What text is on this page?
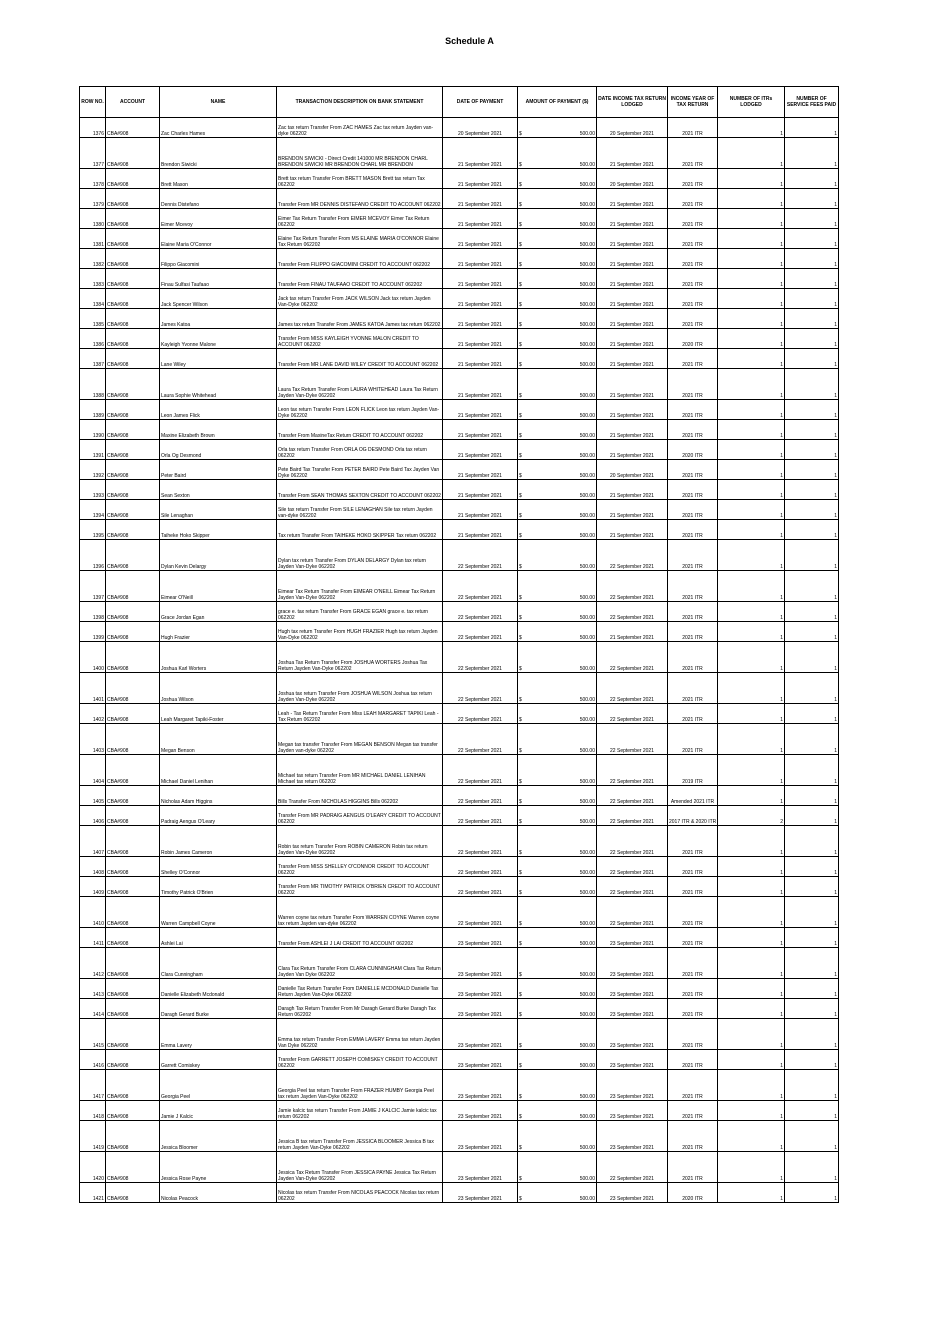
Schedule A
ROW NO.	ACCOUNT	NAME	TRANSACTION DESCRIPTION ON BANK STATEMENT	DATE OF PAYMENT	AMOUNT OF PAYMENT ($)	DATE INCOME TAX RETURN LODGED	INCOME YEAR OF TAX RETURN	NUMBER OF ITRs LODGED	NUMBER OF SERVICE FEES PAID
1376	CBA#908	Zac Charles Hames	Zac tax return Transfer From ZAC HAMES Zac tax return Jayden van-dyke 062202	20 September 2021	$ 500.00	20 September 2021	2021 ITR	1	1
1377	CBA#908	Brendon Siwicki	BRENDON SIWICKI - Direct Credit 141000 MR BRENDON CHARL BRENDON SIWICKI MR BRENDON CHARL MR BRENDON	21 September 2021	$ 500.00	21 September 2021	2021 ITR	1	1
1378	CBA#908	Brett Mason	Brett tax return Transfer From BRETT MASON Brett tax return Tax 062202	21 September 2021	$ 500.00	20 September 2021	2021 ITR	1	1
1379	CBA#908	Dennis Distefano	Transfer From MR DENNIS DISTEFANO CREDIT TO ACCOUNT 062202	21 September 2021	$ 500.00	21 September 2021	2021 ITR	1	1
1380	CBA#908	Eimer Mcevoy	Eimer Tax Return Transfer From EIMER MCEVOY Eimer Tax Return 062202	21 September 2021	$ 500.00	21 September 2021	2021 ITR	1	1
1381	CBA#908	Elaine Maria O'Connor	Elaine Tax Return Transfer From MS ELAINE MARIA O'CONNOR Elaine Tax Return 062202	21 September 2021	$ 500.00	21 September 2021	2021 ITR	1	1
1382	CBA#908	Filippo Giacomini	Transfer From FILIPPO GIACOMINI CREDIT TO ACCOUNT 062202	21 September 2021	$ 500.00	21 September 2021	2021 ITR	1	1
1383	CBA#908	Finau Sulfasi Taufaao	Transfer From FINAU TAUFAAO CREDIT TO ACCOUNT 062202	21 September 2021	$ 500.00	21 September 2021	2021 ITR	1	1
1384	CBA#908	Jack Spencer Wilson	Jack tax return Transfer From JACK WILSON Jack tax return Jayden Van-Dyke 062202	21 September 2021	$ 500.00	21 September 2021	2021 ITR	1	1
1385	CBA#908	James Katoa	James tax return Transfer From JAMES KATOA James tax return 062202	21 September 2021	$ 500.00	21 September 2021	2021 ITR	1	1
1386	CBA#908	Kayleigh Yvonne Malone	Transfer From MISS KAYLEIGH YVONNE MALON CREDIT TO ACCOUNT 062202	21 September 2021	$ 500.00	21 September 2021	2020 ITR	1	1
1387	CBA#908	Lane Wiley	Transfer From MR LANE DAVID WILEY CREDIT TO ACCOUNT 062202	21 September 2021	$ 500.00	21 September 2021	2021 ITR	1	1
1388	CBA#908	Laura Sophie Whitehead	Laura Tax Return Transfer From LAURA WHITEHEAD Laura Tax Return Jayden Van-Dyke 062202	21 September 2021	$ 500.00	21 September 2021	2021 ITR	1	1
1389	CBA#908	Leon James Flick	Leon tax return Transfer From LEON FLICK Leon tax return Jayden Van-Dyke 062202	21 September 2021	$ 500.00	21 September 2021	2021 ITR	1	1
1390	CBA#908	Maxine Elizabeth Brown	Transfer From MaxineTax Return CREDIT TO ACCOUNT 062202	21 September 2021	$ 500.00	21 September 2021	2021 ITR	1	1
1391	CBA#908	Orla Og Desmond	Orla tax return Transfer From ORLA OG DESMOND Orla tax return 062202	21 September 2021	$ 500.00	21 September 2021	2020 ITR	1	1
1392	CBA#908	Peter Baird	Pete Baird Tax Transfer From PETER BAIRD Pete Baird Tax Jayden Van Dyke 062202	21 September 2021	$ 500.00	20 September 2021	2021 ITR	1	1
1393	CBA#908	Sean Sexton	Transfer From SEAN THOMAS SEXTON CREDIT TO ACCOUNT 062202	21 September 2021	$ 500.00	21 September 2021	2021 ITR	1	1
1394	CBA#908	Sile Lenaghan	Sile tax return Transfer From SILE LENAGHAN Sile tax return Jayden van-dyke 062202	21 September 2021	$ 500.00	21 September 2021	2021 ITR	1	1
1395	CBA#908	Taiheke Hoko Skipper	Tax return Transfer From TAIHEKE HOKO SKIPPER Tax return 062202	21 September 2021	$ 500.00	21 September 2021	2021 ITR	1	1
1396	CBA#908	Dylan Kevin Delargy	Dylan tax return Transfer From DYLAN DELARGY Dylan tax return Jayden Van-Dyke 062202	22 September 2021	$ 500.00	22 September 2021	2021 ITR	1	1
1397	CBA#908	Eimear O'Neill	Eimear Tax Return Transfer From EIMEAR O'NEILL Eimear Tax Return Jayden Van-Dyke 062202	22 September 2021	$ 500.00	22 September 2021	2021 ITR	1	1
1398	CBA#908	Grace Jordan Egan	grace e. tax return Transfer From GRACE EGAN grace e. tax return 062202	22 September 2021	$ 500.00	22 September 2021	2021 ITR	1	1
1399	CBA#908	Hugh Frazier	Hugh tax return Transfer From HUGH FRAZIER Hugh tax return Jayden Van-Dyke 062202	22 September 2021	$ 500.00	21 September 2021	2021 ITR	1	1
1400	CBA#908	Joshua Karl Worters	Joshua Tax Return Transfer From JOSHUA WORTERS Joshua Tax Return Jayden Van-Dyke 062202	22 September 2021	$ 500.00	22 September 2021	2021 ITR	1	1
1401	CBA#908	Joshua Wilson	Joshua tax return Transfer From JOSHUA WILSON Joshua tax return Jayden Van-Dyke 062202	22 September 2021	$ 500.00	22 September 2021	2021 ITR	1	1
1402	CBA#908	Leah Margaret Tapiki-Foster	Leah - Tax Return Transfer From Miss LEAH MARGARET TAPIKI Leah - Tax Return 062202	22 September 2021	$ 500.00	22 September 2021	2021 ITR	1	1
1403	CBA#908	Megan Benson	Megan tax transfer Transfer From MEGAN BENSON Megan tax transfer Jayden van-dyke 062202	22 September 2021	$ 500.00	22 September 2021	2021 ITR	1	1
1404	CBA#908	Michael Daniel Lenihan	Michael tax return Transfer From MR MICHAEL DANIEL LENIHAN Michael tax return 062202	22 September 2021	$ 500.00	22 September 2021	2019 ITR	1	1
1405	CBA#908	Nicholas Adam Higgins	Bills Transfer From NICHOLAS HIGGINS Bills 062202	22 September 2021	$ 500.00	22 September 2021	Amended 2021 ITR	1	1
1406	CBA#908	Padraig Aengus O'Leary	Transfer From MR PADRAIG AENGUS O'LEARY CREDIT TO ACCOUNT 062202	22 September 2021	$ 500.00	22 September 2021	2017 ITR & 2020 ITR	2	1
1407	CBA#908	Robin James Cameron	Robin tax return Transfer From ROBIN CAMERON Robin tax return Jayden Van-Dyke 062202	22 September 2021	$ 500.00	22 September 2021	2021 ITR	1	1
1408	CBA#908	Shelley O'Connor	Transfer From MISS SHELLEY O'CONNOR CREDIT TO ACCOUNT 062202	22 September 2021	$ 500.00	22 September 2021	2021 ITR	1	1
1409	CBA#908	Timothy Patrick O'Brien	Transfer From MR TIMOTHY PATRICK O'BRIEN CREDIT TO ACCOUNT 062202	22 September 2021	$ 500.00	22 September 2021	2021 ITR	1	1
1410	CBA#908	Warren Campbell Coyne	Warren coyne tax return Transfer From WARREN COYNE Warren coyne tax return Jayden van-dyke 062202	22 September 2021	$ 500.00	22 September 2021	2021 ITR	1	1
1411	CBA#908	Ashlei Lai	Transfer From ASHLEI J LAI CREDIT TO ACCOUNT 062202	23 September 2021	$ 500.00	23 September 2021	2021 ITR	1	1
1412	CBA#908	Clara Cunningham	Clara Tax Return Transfer From CLARA CUNNINGHAM Clara Tax Return Jayden Van Dyke 062202	23 September 2021	$ 500.00	23 September 2021	2021 ITR	1	1
1413	CBA#908	Danielle Elizabeth Mcdonald	Danielle Tax Return Transfer From DANIELLE MCDONALD Danielle Tax Return Jayden Van-Dyke 062202	23 September 2021	$ 500.00	23 September 2021	2021 ITR	1	1
1414	CBA#908	Daragh Gerard Burke	Daragh Tax Return Transfer From Mr Daragh Gerard Burke Daragh Tax Return 062202	23 September 2021	$ 500.00	23 September 2021	2021 ITR	1	1
1415	CBA#908	Emma Lavery	Emma tax return Transfer From EMMA LAVERY Emma tax return Jayden Van Dyke 062202	23 September 2021	$ 500.00	23 September 2021	2021 ITR	1	1
1416	CBA#908	Garrett Comiskey	Transfer From GARRETT JOSEPH COMISKEY CREDIT TO ACCOUNT 062202	23 September 2021	$ 500.00	23 September 2021	2021 ITR	1	1
1417	CBA#908	Georgia Peel	Georgia Peel tax return Transfer From FRAZER HUMBY Georgia Peel tax return Jayden Van-Dyke 062202	23 September 2021	$ 500.00	23 September 2021	2021 ITR	1	1
1418	CBA#908	Jamie J Kalcic	Jamie kalcic tax return Transfer From JAMIE J KALCIC Jamie kalcic tax return 062202	23 September 2021	$ 500.00	23 September 2021	2021 ITR	1	1
1419	CBA#908	Jessica Bloomer	Jessica B tax return Transfer From JESSICA BLOOMER Jessica B tax return Jayden Van-Dyke 062202	23 September 2021	$ 500.00	23 September 2021	2021 ITR	1	1
1420	CBA#908	Jessica Rose Payne	Jessica Tax Return Transfer From JESSICA PAYNE Jessica Tax Return Jayden Van-Dyke 062202	23 September 2021	$ 500.00	22 September 2021	2021 ITR	1	1
1421	CBA#908	Nicolas Peacock	Nicolas tax return Transfer From NICOLAS PEACOCK Nicolas tax return 062202	23 September 2021	$ 500.00	23 September 2021	2020 ITR	1	1
